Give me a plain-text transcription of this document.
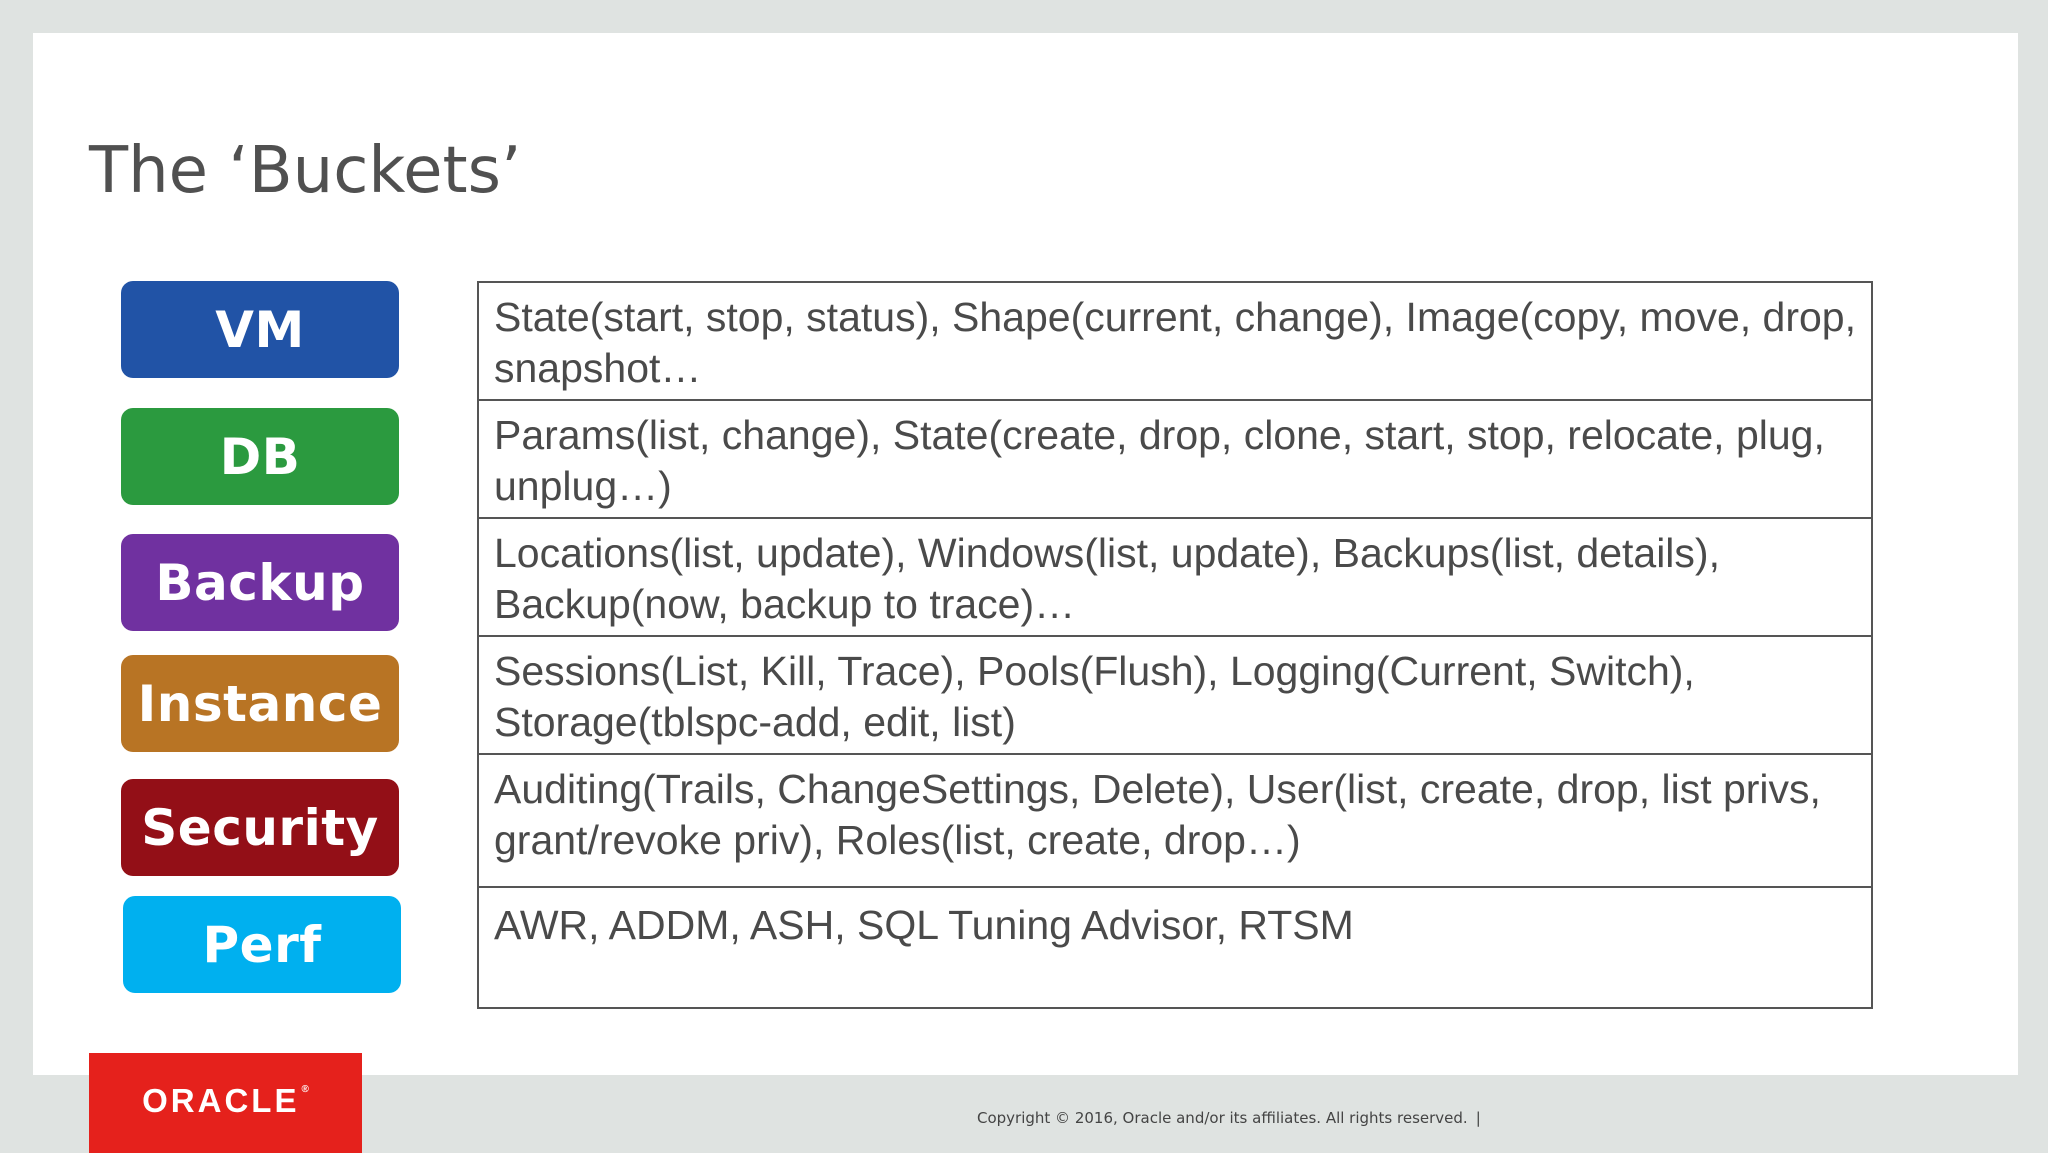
The ‘Buckets’
VM
DB
Backup
Instance
Security
Perf
State(start, stop, status), Shape(current, change), Image(copy, move, drop, snapshot…
Params(list, change), State(create, drop, clone, start, stop, relocate, plug, unplug…)
Locations(list, update), Windows(list, update), Backups(list, details), Backup(now, backup to trace)…
Sessions(List, Kill, Trace), Pools(Flush), Logging(Current, Switch), Storage(tblspc-add, edit, list)
Auditing(Trails, ChangeSettings, Delete), User(list, create, drop, list privs, grant/revoke priv), Roles(list, create, drop…)
AWR, ADDM, ASH, SQL Tuning Advisor, RTSM
ORACLE ®
Copyright © 2016, Oracle and/or its affiliates. All rights reserved. |
